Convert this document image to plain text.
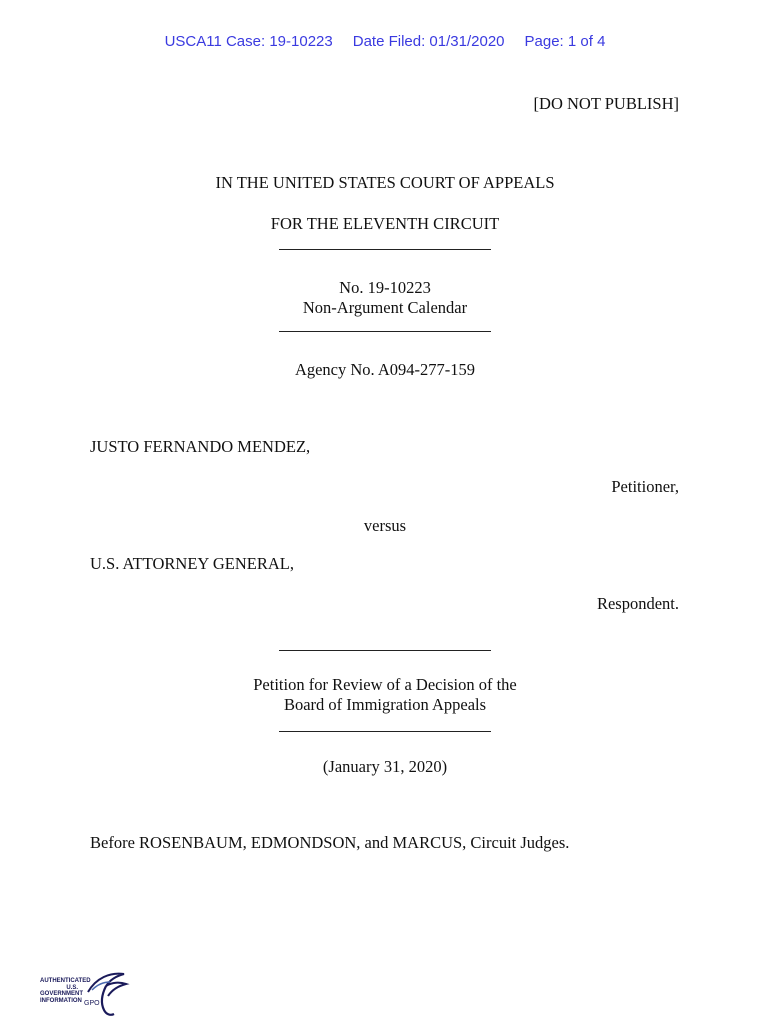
USCA11 Case: 19-10223 Date Filed: 01/31/2020 Page: 1 of 4
[DO NOT PUBLISH]
IN THE UNITED STATES COURT OF APPEALS
FOR THE ELEVENTH CIRCUIT
No. 19-10223
Non-Argument Calendar
Agency No. A094-277-159
JUSTO FERNANDO MENDEZ,
Petitioner,
versus
U.S. ATTORNEY GENERAL,
Respondent.
Petition for Review of a Decision of the
Board of Immigration Appeals
(January 31, 2020)
Before ROSENBAUM, EDMONDSON, and MARCUS, Circuit Judges.
AUTHENTICATED
U.S. GOVERNMENT
INFORMATION GPO
